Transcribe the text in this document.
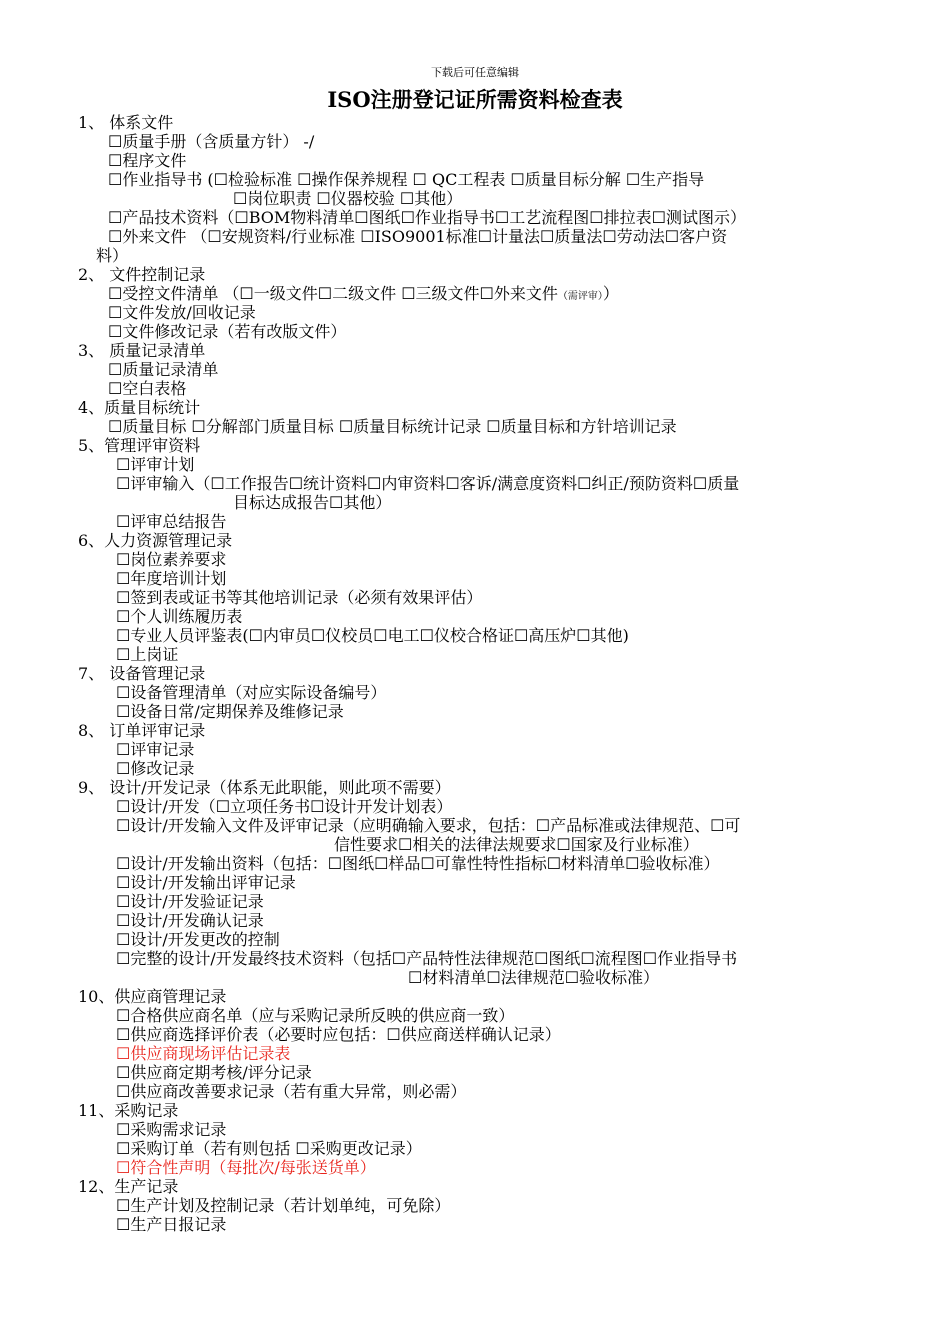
下载后可任意编辑
ISO注册登记证所需资料检查表
1、 体系文件
☐质量手册（含质量方针） -/
☐程序文件
☐作业指导书 (☐检验标准 ☐操作保养规程 ☐ QC工程表 ☐质量目标分解 ☐生产指导
☐岗位职责 ☐仪器校验 ☐其他）
☐产品技术资料（☐BOM物料清单☐图纸☐作业指导书☐工艺流程图☐排拉表☐测试图示）
☐外来文件 （☐安规资料/行业标准 ☐ISO9001标准☐计量法☐质量法☐劳动法☐客户资
料）
2、 文件控制记录
☐受控文件清单 （☐一级文件☐二级文件 ☐三级文件☐外来文件（需评审））
☐文件发放/回收记录
☐文件修改记录（若有改版文件）
3、 质量记录清单
☐质量记录清单
☐空白表格
4、质量目标统计
☐质量目标 ☐分解部门质量目标 ☐质量目标统计记录 ☐质量目标和方针培训记录
5、管理评审资料
☐评审计划
☐评审输入（☐工作报告☐统计资料☐内审资料☐客诉/满意度资料☐纠正/预防资料☐质量
目标达成报告☐其他）
☐评审总结报告
6、人力资源管理记录
☐岗位素养要求
☐年度培训计划
☐签到表或证书等其他培训记录（必须有效果评估）
☐个人训练履历表
☐专业人员评鉴表(☐内审员☐仪校员☐电工☐仪校合格证☐高压炉☐其他)
☐上岗证
7、 设备管理记录
☐设备管理清单（对应实际设备编号）
☐设备日常/定期保养及维修记录
8、 订单评审记录
☐评审记录
☐修改记录
9、 设计/开发记录（体系无此职能，则此项不需要）
☐设计/开发（☐立项任务书☐设计开发计划表）
☐设计/开发输入文件及评审记录（应明确输入要求，包括：☐产品标准或法律规范、☐可
信性要求☐相关的法律法规要求☐国家及行业标准）
☐设计/开发输出资料（包括：☐图纸☐样品☐可靠性特性指标☐材料清单☐验收标准）
☐设计/开发输出评审记录
☐设计/开发验证记录
☐设计/开发确认记录
☐设计/开发更改的控制
☐完整的设计/开发最终技术资料（包括☐产品特性法律规范☐图纸☐流程图☐作业指导书
☐材料清单☐法律规范☐验收标准）
10、供应商管理记录
☐合格供应商名单（应与采购记录所反映的供应商一致）
☐供应商选择评价表（必要时应包括：☐供应商送样确认记录）
☐供应商现场评估记录表
☐供应商定期考核/评分记录
☐供应商改善要求记录（若有重大异常，则必需）
11、采购记录
☐采购需求记录
☐采购订单（若有则包括 ☐采购更改记录）
☐符合性声明（每批次/每张送货单）
12、生产记录
☐生产计划及控制记录（若计划单纯，可免除）
☐生产日报记录
